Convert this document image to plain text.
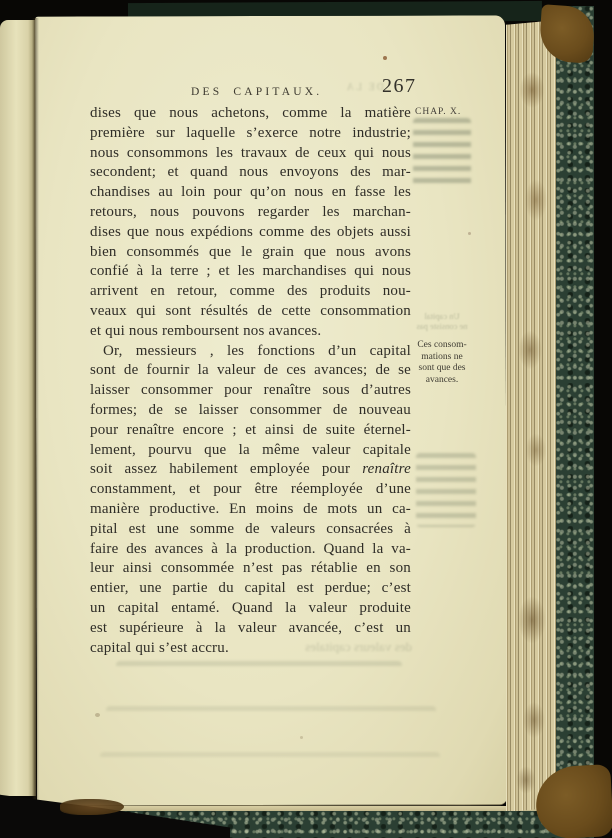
DE LA
Un capital
ne consiste pas
des valeurs capitales
DES CAPITAUX.	267
CHAP. X.
Ces consom-
mations ne
sont que des
avances.
dises que nous achetons, comme la matière
première sur laquelle s’exerce notre industrie;
nous consommons les travaux de ceux qui nous
secondent; et quand nous envoyons des mar-
chandises au loin pour qu’on nous en fasse les
retours, nous pouvons regarder les marchan-
dises que nous expédions comme des objets aussi
bien consommés que le grain que nous avons
confié à la terre ; et les marchandises qui nous
arrivent en retour, comme des produits nou-
veaux qui sont résultés de cette consommation
et qui nous remboursent nos avances.
Or, messieurs , les fonctions d’un capital
sont de fournir la valeur de ces avances; de se
laisser consommer pour renaître sous d’autres
formes; de se laisser consommer de nouveau
pour renaître encore ; et ainsi de suite éternel-
lement, pourvu que la même valeur capitale
soit assez habilement employée pour renaître
constamment, et pour être réemployée d’une
manière productive. En moins de mots un ca-
pital est une somme de valeurs consacrées à
faire des avances à la production. Quand la va-
leur ainsi consommée n’est pas rétablie en son
entier, une partie du capital est perdue; c’est
un capital entamé. Quand la valeur produite
est supérieure à la valeur avancée, c’est un
capital qui s’est accru.
